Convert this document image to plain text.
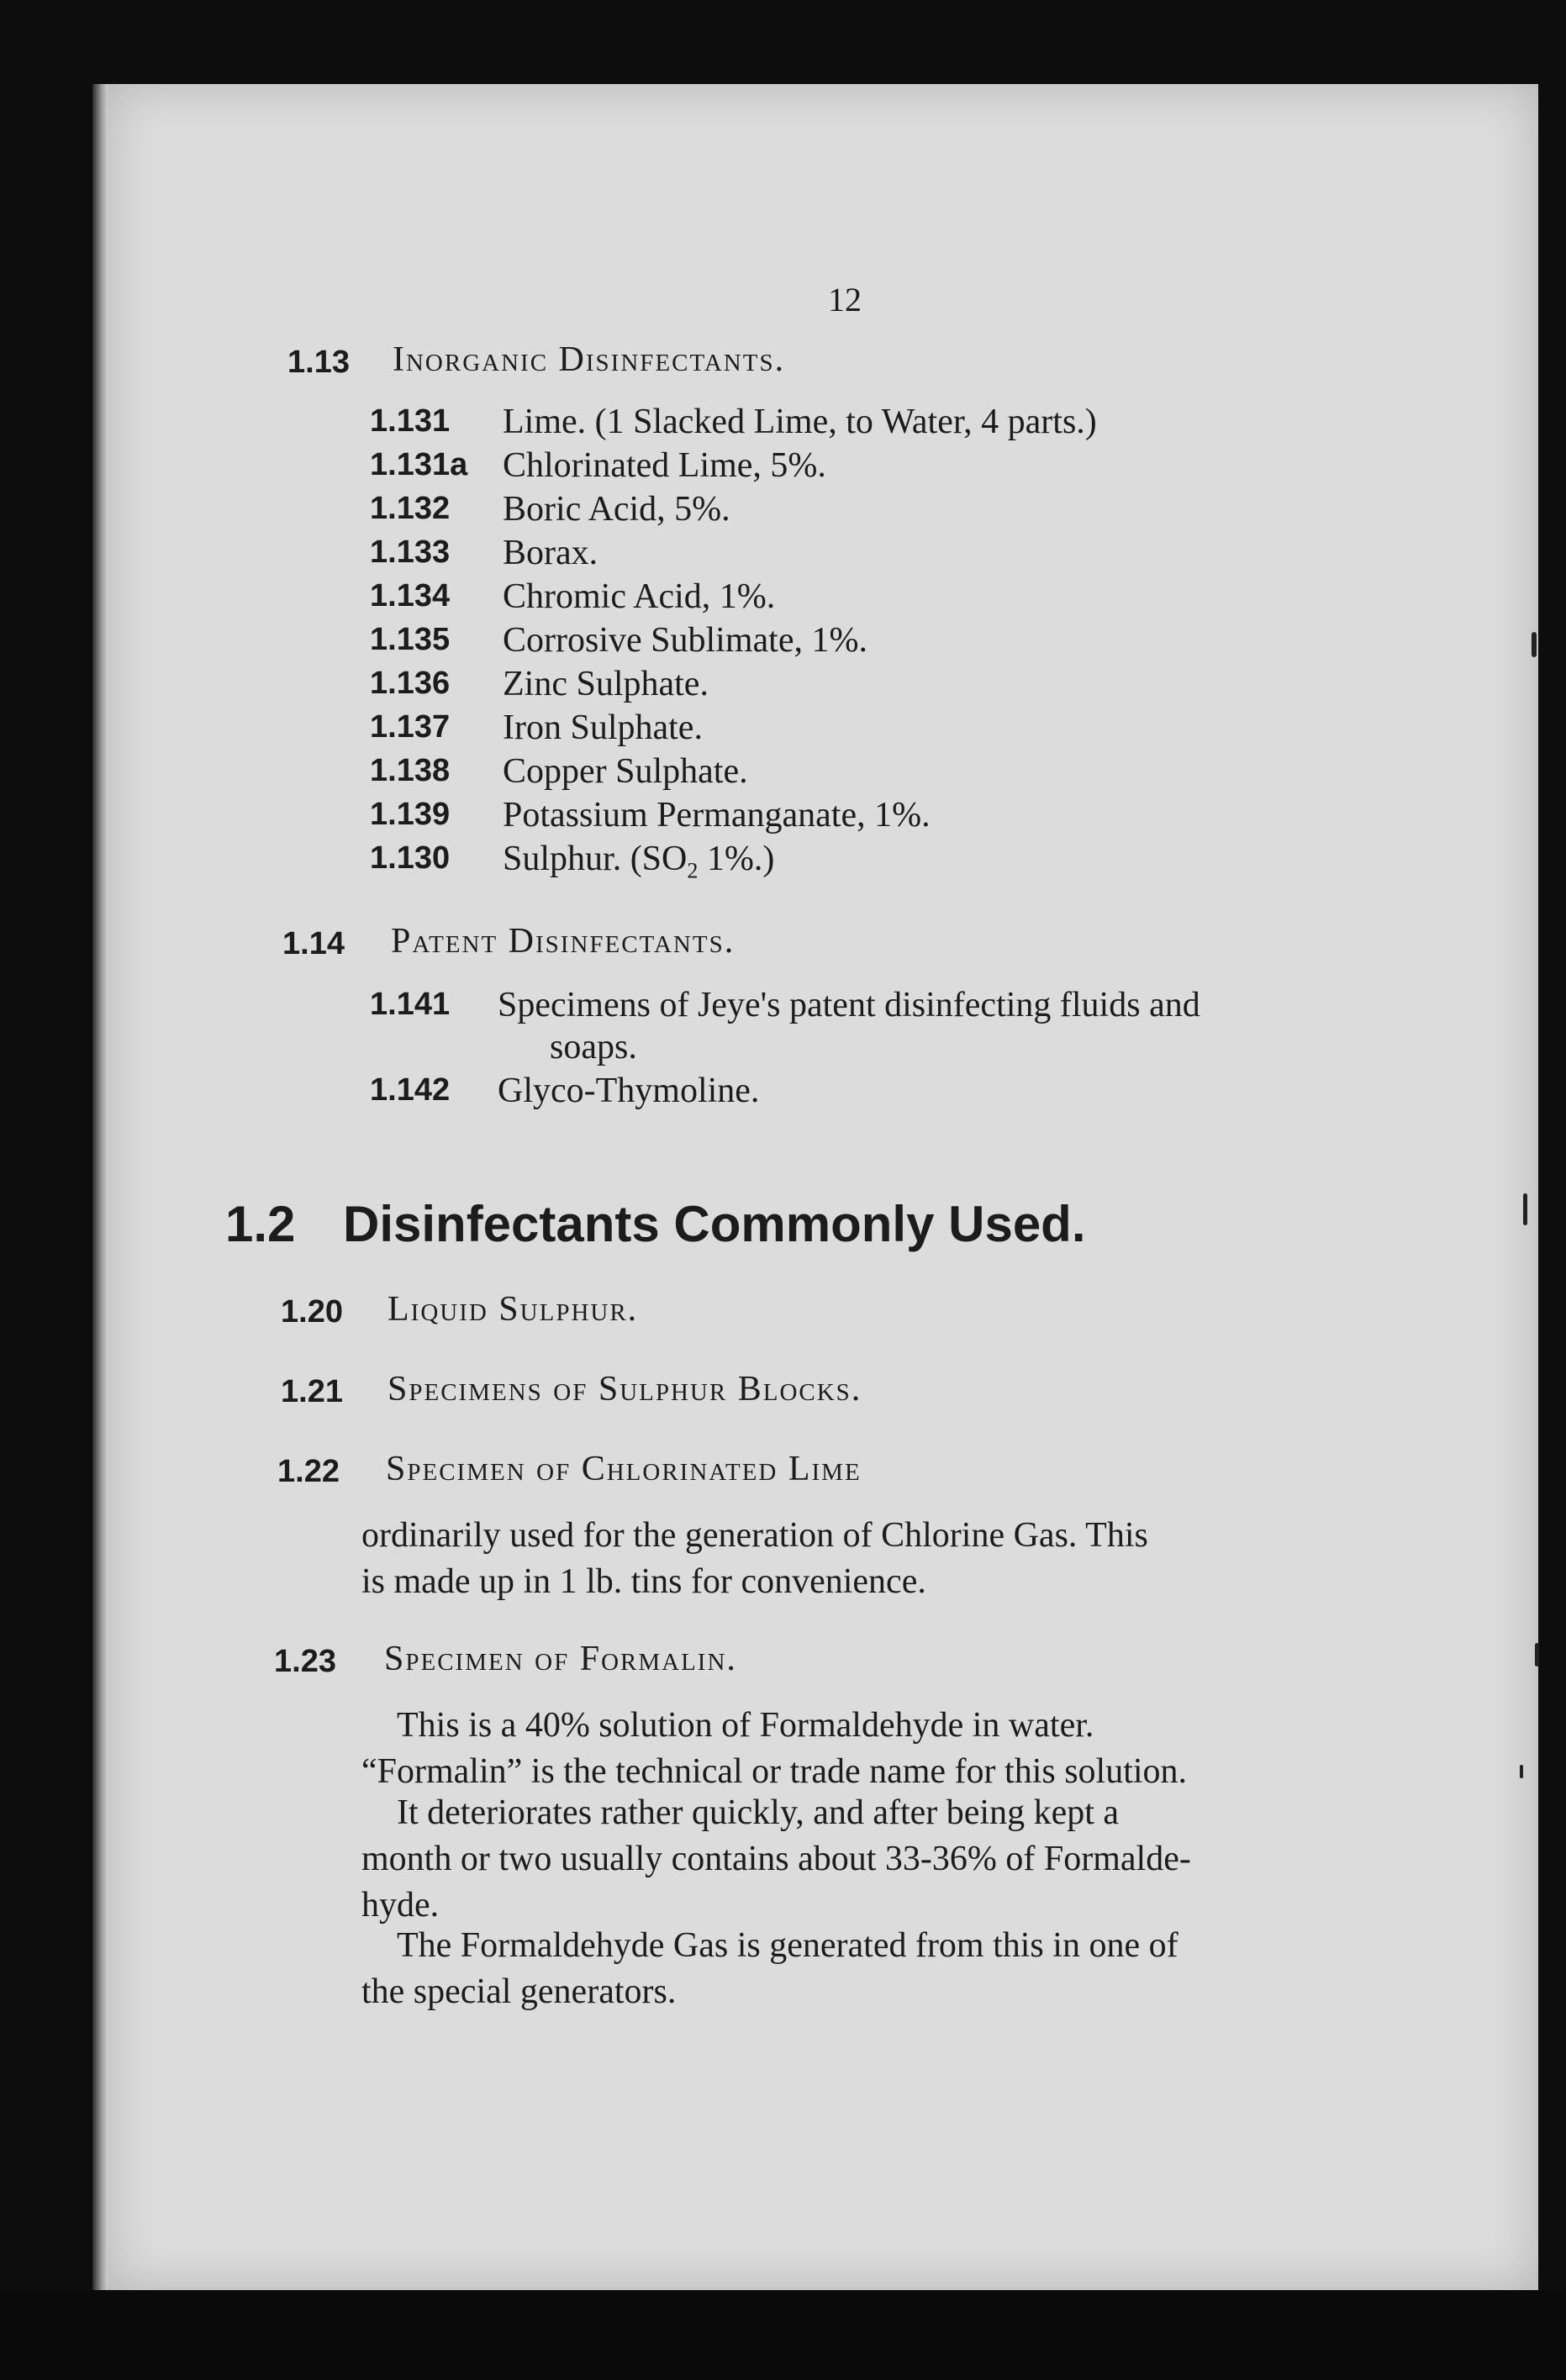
12
1.13 Inorganic Disinfectants.
1.131 Lime. (1 Slacked Lime, to Water, 4 parts.)
1.131a Chlorinated Lime, 5%.
1.132 Boric Acid, 5%.
1.133 Borax.
1.134 Chromic Acid, 1%.
1.135 Corrosive Sublimate, 1%.
1.136 Zinc Sulphate.
1.137 Iron Sulphate.
1.138 Copper Sulphate.
1.139 Potassium Permanganate, 1%.
1.130 Sulphur. ($SO_2$ 1%.)
1.14 Patent Disinfectants.
1.141 Specimens of Jeye's patent disinfecting fluids and
soaps.
1.142 Glyco-Thymoline.
1.2 Disinfectants Commonly Used.
1.20 Liquid Sulphur.
1.21 Specimens of Sulphur Blocks.
1.22 Specimen of Chlorinated Lime
ordinarily used for the generation of Chlorine Gas. This
is made up in 1 lb. tins for convenience.
1.23 Specimen of Formalin.
This is a 40% solution of Formaldehyde in water.
“Formalin” is the technical or trade name for this solution.
It deteriorates rather quickly, and after being kept a
month or two usually contains about 33-36% of Formalde-
hyde.
The Formaldehyde Gas is generated from this in one of
the special generators.
